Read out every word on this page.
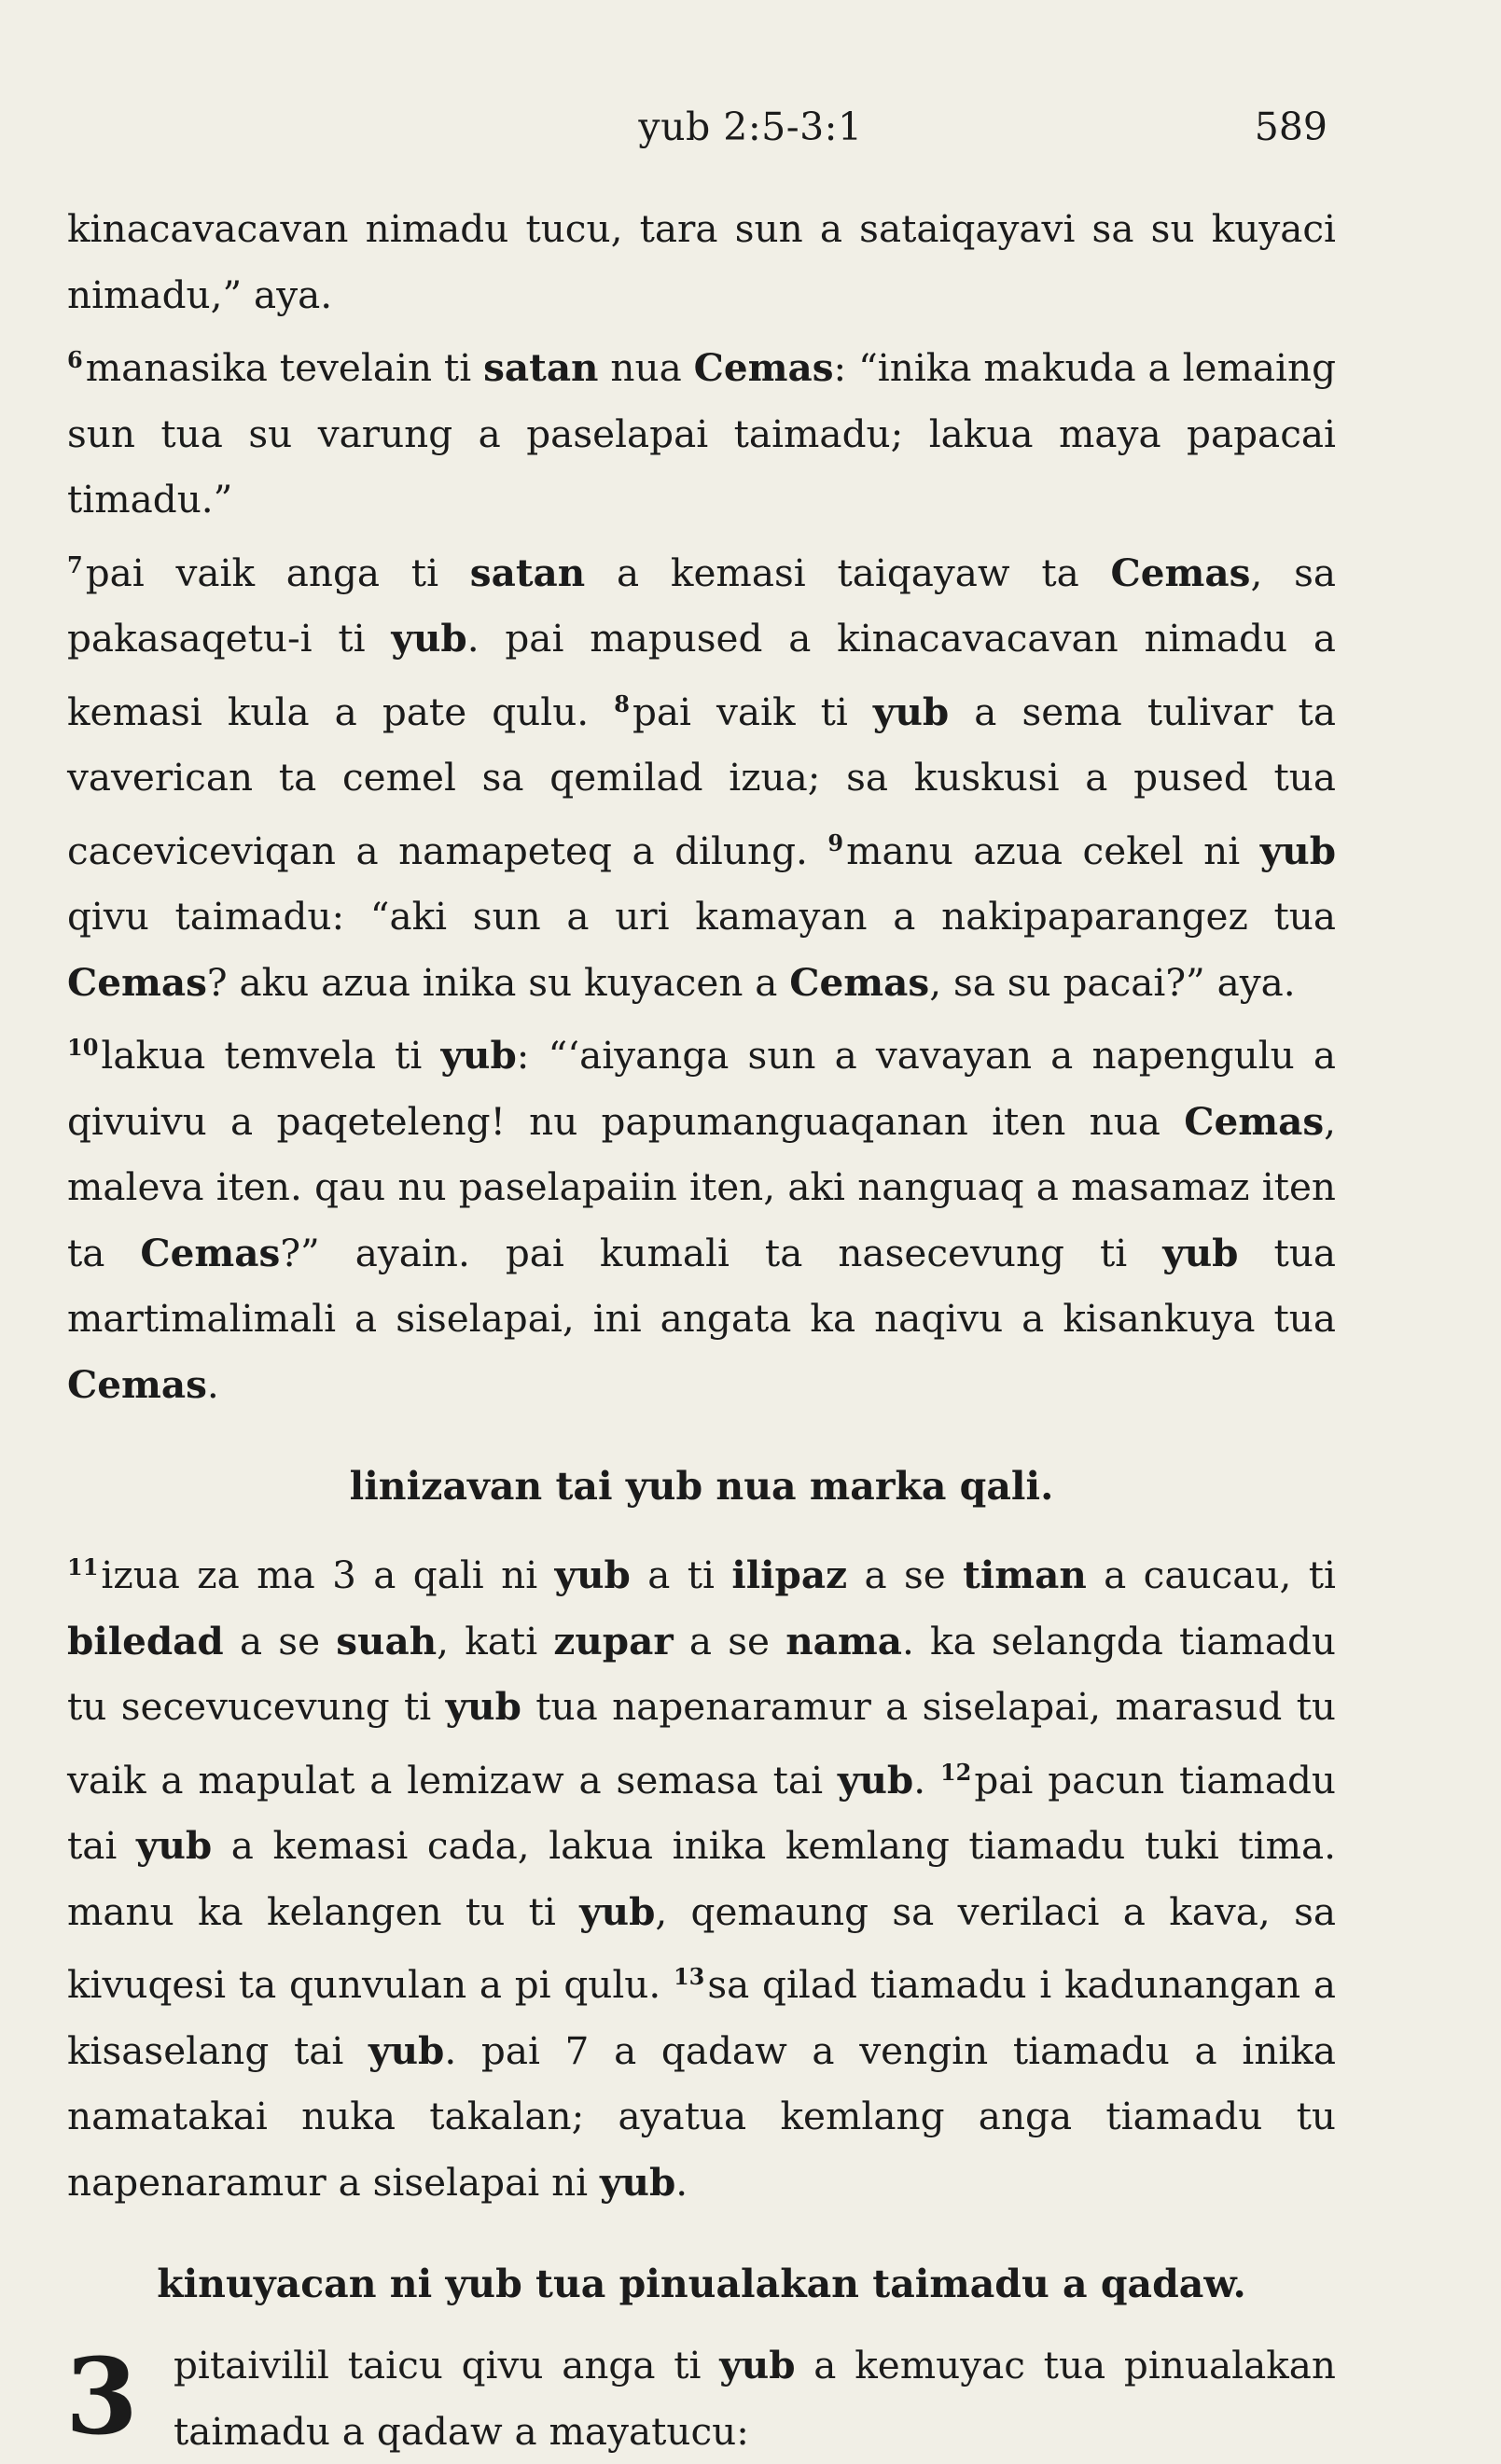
yub 2:5-3:1	589

kinacavacavan nimadu tucu, tara sun a sataiqayavi sa su kuyaci nimadu,” aya.

$^6$manasika tevelain ti satan nua Cemas: “inika makuda a lemaing sun tua su varung a paselapai taimadu; lakua maya papacai timadu.”

$^7$pai vaik anga ti satan a kemasi taiqayaw ta Cemas, sa pakasaqetu-i ti yub. pai mapused a kinacavacavan nimadu a kemasi kula a pate qulu. $^8$pai vaik ti yub a sema tulivar ta vaverican ta cemel sa qemilad izua; sa kuskusi a pused tua caceviceviqan a namapeteq a dilung. $^9$manu azua cekel ni yub qivu taimadu: “aki sun a uri kamayan a nakipaparangez tua Cemas? aku azua inika su kuyacen a Cemas, sa su pacai?” aya.

$^{10}$lakua temvela ti yub: “‘aiyanga sun a vavayan a napengulu a qivuivu a paqeteleng! nu papumanguaqanan iten nua Cemas, maleva iten. qau nu paselapaiin iten, aki nanguaq a masamaz iten ta Cemas?” ayain. pai kumali ta nasecevung ti yub tua martimalimali a siselapai, ini angata ka naqivu a kisankuya tua Cemas.

linizavan tai yub nua marka qali.

$^{11}$izua za ma 3 a qali ni yub a ti ilipaz a se timan a caucau, ti biledad a se suah, kati zupar a se nama. ka selangda tiamadu tu secevucevung ti yub tua napenaramur a siselapai, marasud tu vaik a mapulat a lemizaw a semasa tai yub. $^{12}$pai pacun tiamadu tai yub a kemasi cada, lakua inika kemlang tiamadu tuki tima. manu ka kelangen tu ti yub, qemaung sa verilaci a kava, sa kivuqesi ta qunvulan a pi qulu. $^{13}$sa qilad tiamadu i kadunangan a kisaselang tai yub. pai 7 a qadaw a vengin tiamadu a inika namatakai nuka takalan; ayatua kemlang anga tiamadu tu napenaramur a siselapai ni yub.

kinuyacan ni yub tua pinualakan taimadu a qadaw.
3 pitaivilil taicu qivu anga ti yub a kemuyac tua pinualakan taimadu a qadaw a mayatucu:
